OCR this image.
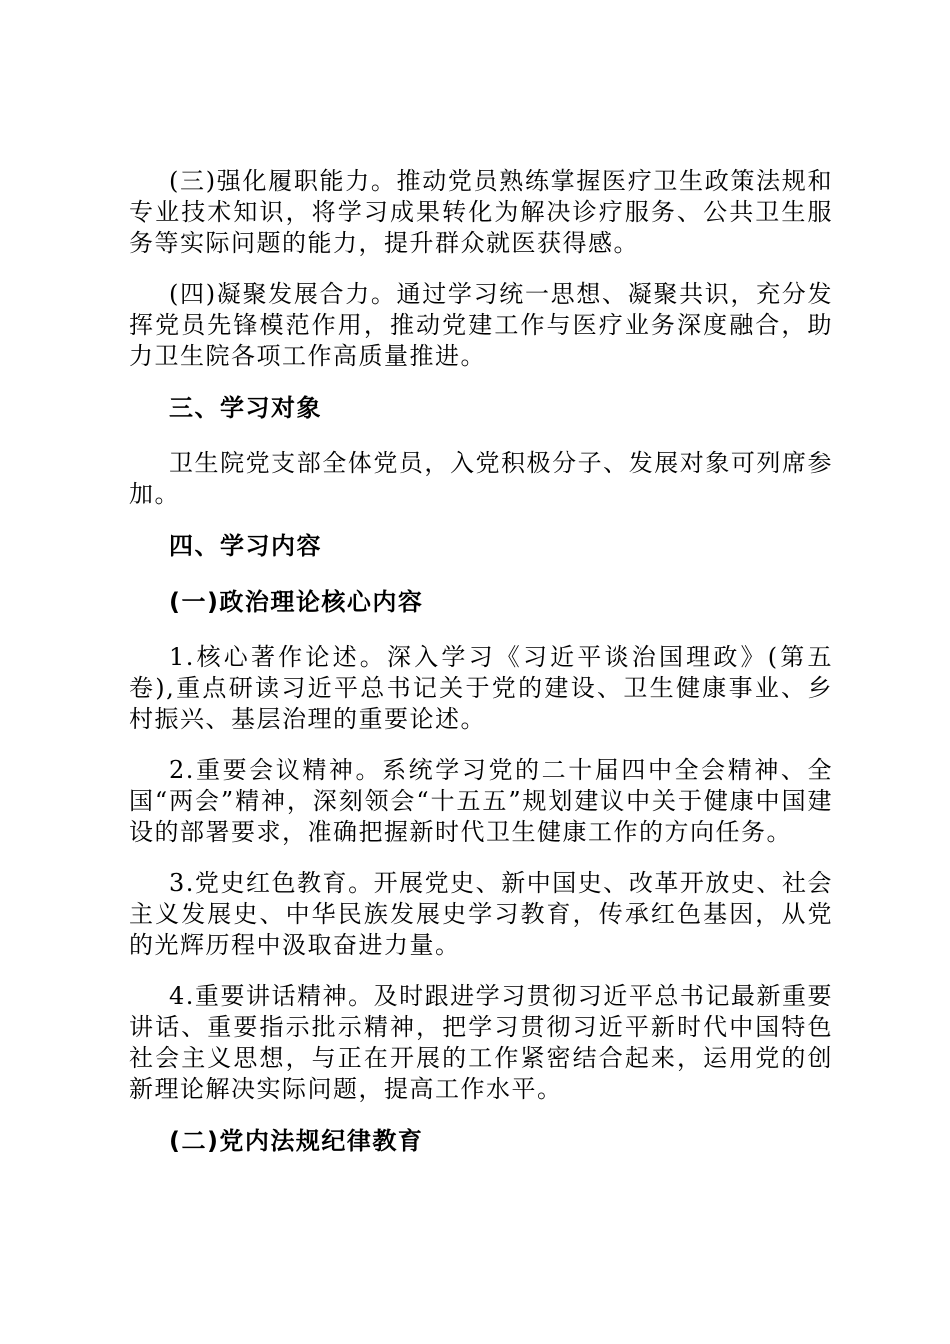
(三)强化履职能力。推动党员熟练掌握医疗卫生政策法规和专业技术知识，将学习成果转化为解决诊疗服务、公共卫生服务等实际问题的能力，提升群众就医获得感。

(四)凝聚发展合力。通过学习统一思想、凝聚共识，充分发挥党员先锋模范作用，推动党建工作与医疗业务深度融合，助力卫生院各项工作高质量推进。

三、学习对象

卫生院党支部全体党员，入党积极分子、发展对象可列席参加。

四、学习内容
(一)政治理论核心内容

1.核心著作论述。深入学习《习近平谈治国理政》(第五卷),重点研读习近平总书记关于党的建设、卫生健康事业、乡村振兴、基层治理的重要论述。

2.重要会议精神。系统学习党的二十届四中全会精神、全国“两会”精神，深刻领会“十五五”规划建议中关于健康中国建设的部署要求，准确把握新时代卫生健康工作的方向任务。

3.党史红色教育。开展党史、新中国史、改革开放史、社会主义发展史、中华民族发展史学习教育，传承红色基因，从党的光辉历程中汲取奋进力量。

4.重要讲话精神。及时跟进学习贯彻习近平总书记最新重要讲话、重要指示批示精神，把学习贯彻习近平新时代中国特色社会主义思想，与正在开展的工作紧密结合起来，运用党的创新理论解决实际问题，提高工作水平。

(二)党内法规纪律教育
